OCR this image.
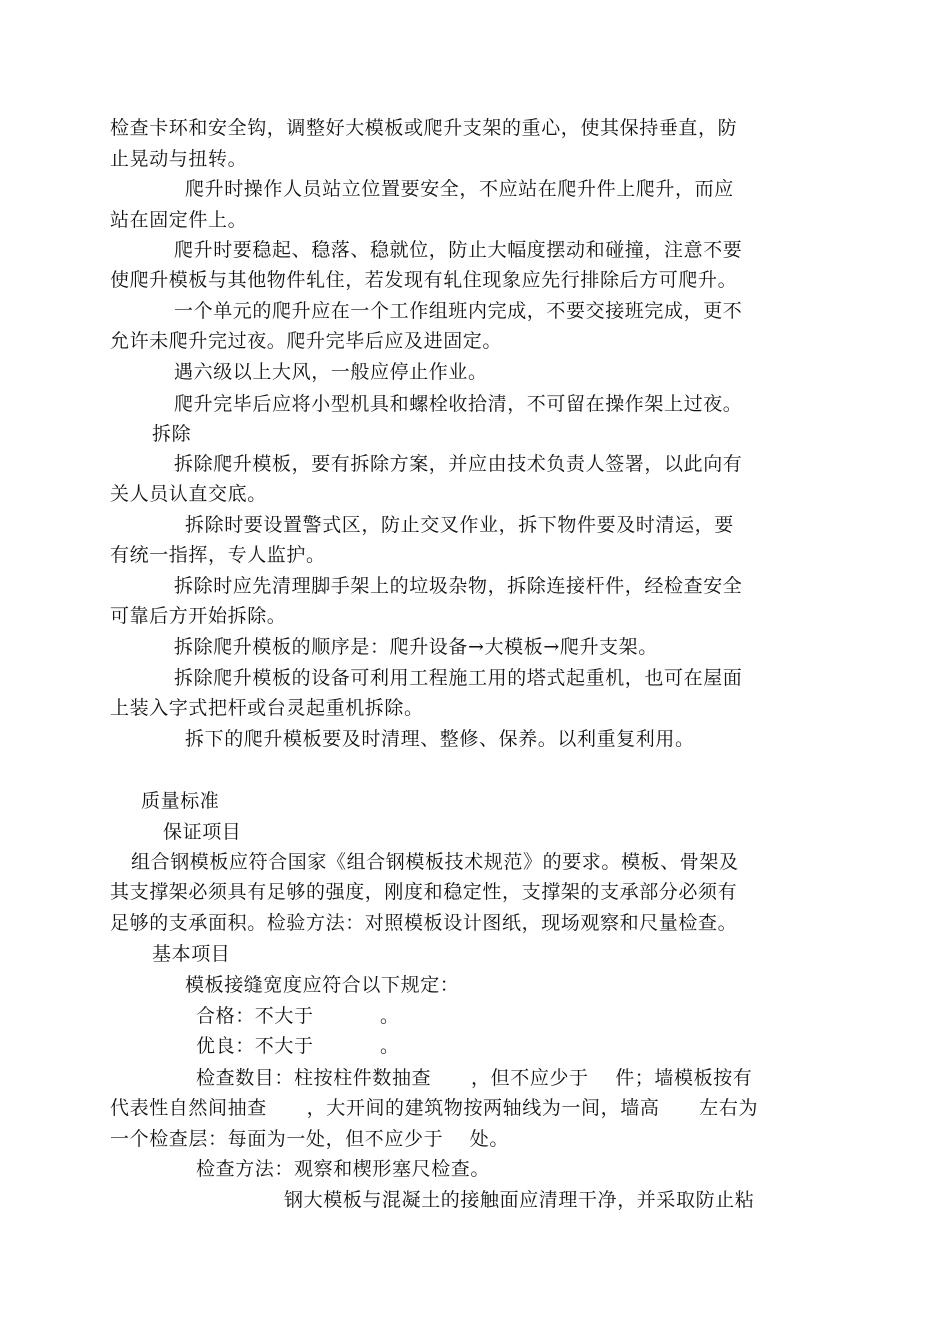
检查卡环和安全钩，调整好大模板或爬升支架的重心，使其保持垂直，防
止晃动与扭转。
爬升时操作人员站立位置要安全，不应站在爬升件上爬升，而应
站在固定件上。
爬升时要稳起、稳落、稳就位，防止大幅度摆动和碰撞，注意不要
使爬升模板与其他物件轧住，若发现有轧住现象应先行排除后方可爬升。
一个单元的爬升应在一个工作组班内完成，不要交接班完成，更不
允许未爬升完过夜。爬升完毕后应及进固定。
遇六级以上大风，一般应停止作业。
爬升完毕后应将小型机具和螺栓收拾清，不可留在操作架上过夜。
拆除
拆除爬升模板，要有拆除方案，并应由技术负责人签署，以此向有
关人员认直交底。
拆除时要设置警式区，防止交叉作业，拆下物件要及时清运，要
有统一指挥，专人监护。
拆除时应先清理脚手架上的垃圾杂物，拆除连接杆件，经检查安全
可靠后方开始拆除。
拆除爬升模板的顺序是：爬升设备→大模板→爬升支架。
拆除爬升模板的设备可利用工程施工用的塔式起重机，也可在屋面
上装入字式把杆或台灵起重机拆除。
拆下的爬升模板要及时清理、整修、保养。以利重复利用。
质量标准
保证项目
组合钢模板应符合国家《组合钢模板技术规范》的要求。模板、骨架及
其支撑架必须具有足够的强度，刚度和稳定性，支撑架的支承部分必须有
足够的支承面积。检验方法：对照模板设计图纸，现场观察和尺量检查。
基本项目
模板接缝宽度应符合以下规定：
合格：不大于          。
优良：不大于          。
检查数目：柱按柱件数抽查      ，但不应少于    件；墙模板按有
代表性自然间抽查      ，大开间的建筑物按两轴线为一间，墙高      左右为
一个检查层：每面为一处，但不应少于    处。
检查方法：观察和楔形塞尺检查。
钢大模板与混凝土的接触面应清理干净，并采取防止粘
